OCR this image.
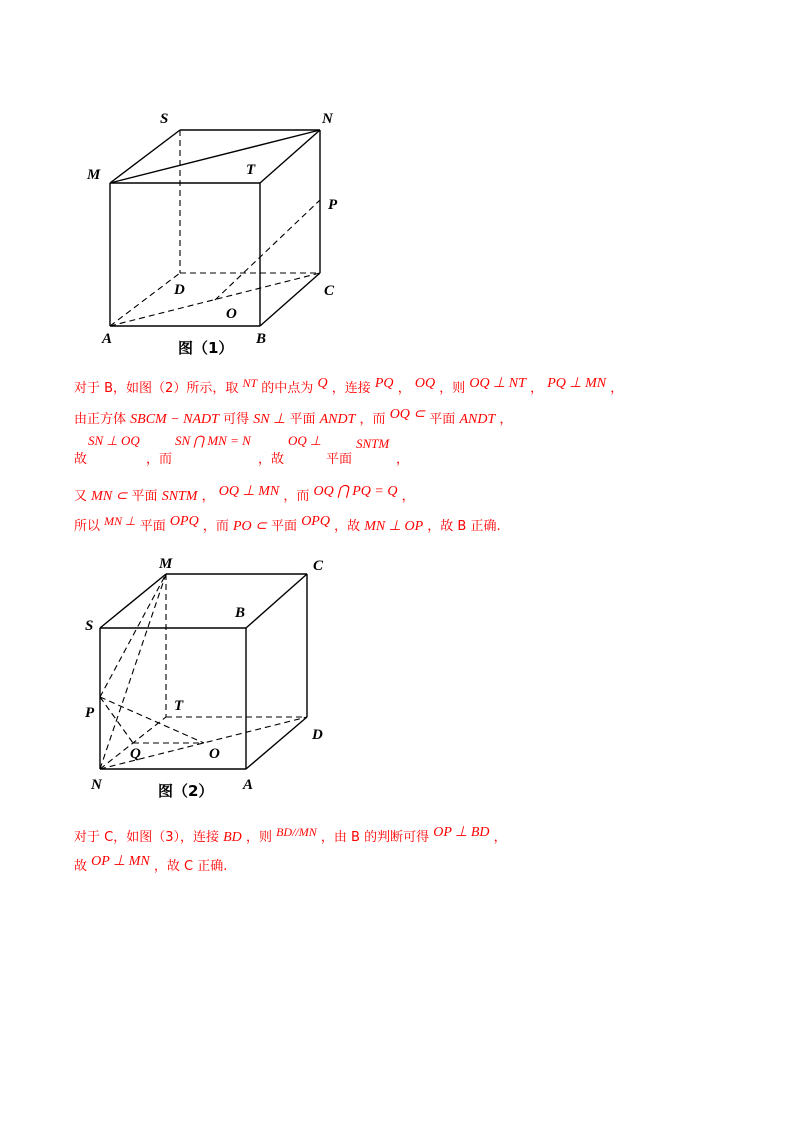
S	N
M	T
P
D	C
O
A	B
图（1）
M	C
S
B
T
P
D
Q	O
N	A
图（2）
对于 B，如图（2）所示，取 NT 的中点为 Q ，连接 PQ ， OQ ，则 OQ ⊥ NT ， PQ ⊥ MN ，
由正方体 SBCM − NADT 可得 SN ⊥ 平面 ANDT ，而 OQ ⊂ 平面 ANDT ，
SN ⊥ OQ	SN ⋂ MN = N	OQ ⊥	SNTM
故	，而	，故	平面	，
又 MN ⊂ 平面 SNTM ， OQ ⊥ MN ，而 OQ ⋂ PQ = Q ，
所以 MN ⊥ 平面 OPQ ，而 PO ⊂ 平面 OPQ ，故 MN ⊥ OP ，故 B 正确.
对于 C，如图（3），连接 BD ，则 BD//MN ，由 B 的判断可得 OP ⊥ BD ，
故 OP ⊥ MN ，故 C 正确.
